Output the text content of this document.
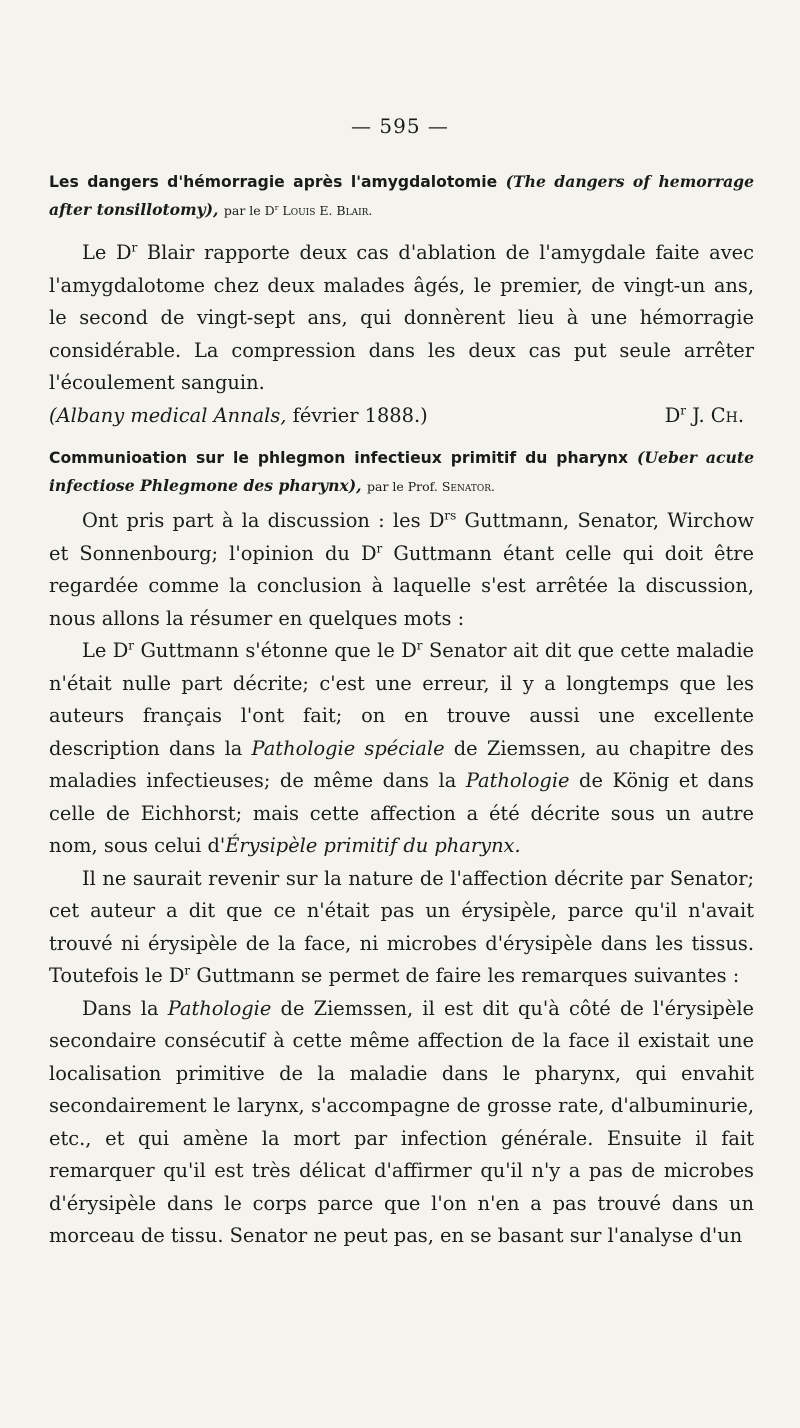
— 595 —

Les dangers d'hémorragie après l'amygdalotomie (The dangers of hemorrage after tonsillotomy), par le $D^r$ Louis E. Blair.

Le $D^r$ Blair rapporte deux cas d'ablation de l'amygdale faite avec l'amygdalotome chez deux malades âgés, le premier, de vingt-un ans, le second de vingt-sept ans, qui donnèrent lieu à une hémorragie considérable. La compression dans les deux cas put seule arrêter l'écoulement sanguin.

(Albany medical Annals, février 1888.)	$D^r$ J. Ch.

Communioation sur le phlegmon infectieux primitif du pharynx (Ueber acute infectiose Phlegmone des pharynx), par le Prof. Senator.

Ont pris part à la discussion : les $D^{rs}$ Guttmann, Senator, Wirchow et Sonnenbourg; l'opinion du $D^r$ Guttmann étant celle qui doit être regardée comme la conclusion à laquelle s'est arrêtée la discussion, nous allons la résumer en quelques mots :

Le $D^r$ Guttmann s'étonne que le $D^r$ Senator ait dit que cette maladie n'était nulle part décrite; c'est une erreur, il y a longtemps que les auteurs français l'ont fait; on en trouve aussi une excellente description dans la Pathologie spéciale de Ziemssen, au chapitre des maladies infectieuses; de même dans la Pathologie de König et dans celle de Eichhorst; mais cette affection a été décrite sous un autre nom, sous celui d'Érysipèle primitif du pharynx.

Il ne saurait revenir sur la nature de l'affection décrite par Senator; cet auteur a dit que ce n'était pas un érysipèle, parce qu'il n'avait trouvé ni érysipèle de la face, ni microbes d'érysipèle dans les tissus. Toutefois le $D^r$ Guttmann se permet de faire les remarques suivantes :

Dans la Pathologie de Ziemssen, il est dit qu'à côté de l'érysipèle secondaire consécutif à cette même affection de la face il existait une localisation primitive de la maladie dans le pharynx, qui envahit secondairement le larynx, s'accompagne de grosse rate, d'albuminurie, etc., et qui amène la mort par infection générale. Ensuite il fait remarquer qu'il est très délicat d'affirmer qu'il n'y a pas de microbes d'érysipèle dans le corps parce que l'on n'en a pas trouvé dans un morceau de tissu. Senator ne peut pas, en se basant sur l'analyse d'un
